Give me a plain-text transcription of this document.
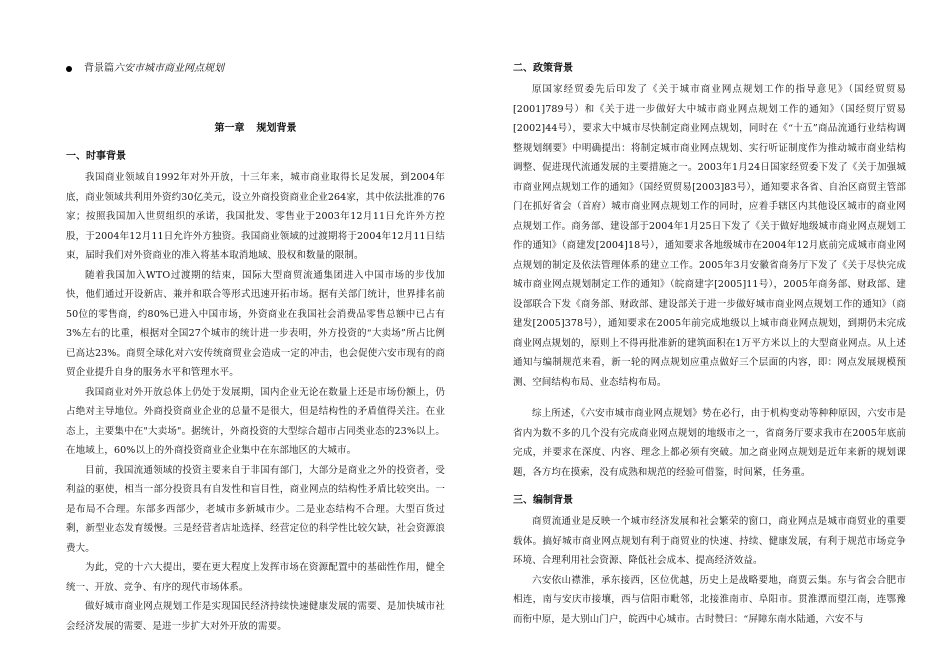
背景篇 六安市城市商业网点规划
第一章 规划背景
一、时事背景

我国商业领域自1992年对外开放，十三年来，城市商业取得长足发展，到2004年底，商业领域共利用外资约30亿美元，设立外商投资商业企业264家，其中依法批准的76家；按照我国加入世贸组织的承诺，我国批发、零售业于2003年12月11日允许外方控股，于2004年12月11日允许外方独资。我国商业领域的过渡期将于2004年12月11日结束，届时我们对外资商业的准入将基本取消地域、股权和数量的限制。

随着我国加入WTO过渡期的结束，国际大型商贸流通集团进入中国市场的步伐加快，他们通过开设新店、兼并和联合等形式迅速开拓市场。据有关部门统计，世界排名前50位的零售商，约80%已进入中国市场，外资商业在我国社会消费品零售总额中已占有3%左右的比重，根据对全国27个城市的统计进一步表明，外方投资的“大卖场”所占比例已高达23%。商贸全球化对六安传统商贸业会造成一定的冲击，也会促使六安市现有的商贸企业提升自身的服务水平和管理水平。

我国商业对外开放总体上仍处于发展期，国内企业无论在数量上还是市场份额上，仍占绝对主导地位。外商投资商业企业的总量不是很大，但是结构性的矛盾值得关注。在业态上，主要集中在"大卖场"。据统计，外商投资的大型综合超市占同类业态的23%以上。在地域上，60%以上的外商投资商业企业集中在东部地区的大城市。

目前，我国流通领域的投资主要来自于非国有部门，大部分是商业之外的投资者，受利益的驱使，相当一部分投资具有自发性和盲目性，商业网点的结构性矛盾比较突出。一是布局不合理。东部多西部少，老城市多新城市少。二是业态结构不合理。大型百货过剩，新型业态发育缓慢。三是经营者店址选择、经营定位的科学性比较欠缺，社会资源浪费大。

为此，党的十六大提出，要在更大程度上发挥市场在资源配置中的基础性作用，健全统一、开放、竞争、有序的现代市场体系。

做好城市商业网点规划工作是实现国民经济持续快速健康发展的需要、是加快城市社会经济发展的需要、是进一步扩大对外开放的需要。

二、政策背景

原国家经贸委先后印发了《关于城市商业网点规划工作的指导意见》（国经贸贸易[2001]789号）和《关于进一步做好大中城市商业网点规划工作的通知》（国经贸厅贸易[2002]44号），要求大中城市尽快制定商业网点规划，同时在《“十五”商品流通行业结构调整规划纲要》中明确提出：将制定城市商业网点规划、实行听证制度作为推动城市商业结构调整、促进现代流通发展的主要措施之一。2003年1月24日国家经贸委下发了《关于加强城市商业网点规划工作的通知》（国经贸贸易[2003]83号），通知要求各省、自治区商贸主管部门在抓好省会（首府）城市商业网点规划工作的同时，应着手辖区内其他设区城市的商业网点规划工作。商务部、建设部于2004年1月25日下发了《关于做好地级城市商业网点规划工作的通知》（商建发[2004]18号），通知要求各地级城市在2004年12月底前完成城市商业网点规划的制定及依法管理体系的建立工作。2005年3月安徽省商务厅下发了《关于尽快完成城市商业网点规划制定工作的通知》（皖商建字[2005]11号），2005年商务部、财政部、建设部联合下发《商务部、财政部、建设部关于进一步做好城市商业网点规划工作的通知》（商建发[2005]378号），通知要求在2005年前完成地级以上城市商业网点规划，到期仍未完成商业网点规划的，原则上不得再批准新的建筑面积在1万平方米以上的大型商业网点。从上述通知与编制规范来看，新一轮的网点规划应重点做好三个层面的内容，即：网点发展规模预测、空间结构布局、业态结构布局。

综上所述，《六安市城市商业网点规划》势在必行，由于机构变动等种种原因，六安市是省内为数不多的几个没有完成商业网点规划的地级市之一，省商务厅要求我市在2005年底前完成，并要求在深度、内容、理念上都必须有突破。加之商业网点规划是近年来新的规划课题，各方均在摸索，没有成熟和规范的经验可借鉴，时间紧，任务重。

三、编制背景

商贸流通业是反映一个城市经济发展和社会繁荣的窗口，商业网点是城市商贸业的重要载体。搞好城市商业网点规划有利于商贸业的快速、持续、健康发展，有利于规范市场竞争环境、合理利用社会资源、降低社会成本、提高经济效益。

六安依山襟淮，承东接西，区位优越，历史上是战略要地，商贾云集。东与省会合肥市相连，南与安庆市接壤，西与信阳市毗邻，北接淮南市、阜阳市。贯淮潭而望江南，连鄂豫而衔中原，是大别山门户，皖西中心城市。古时赞曰：“屏障东南水陆通，六安不与
